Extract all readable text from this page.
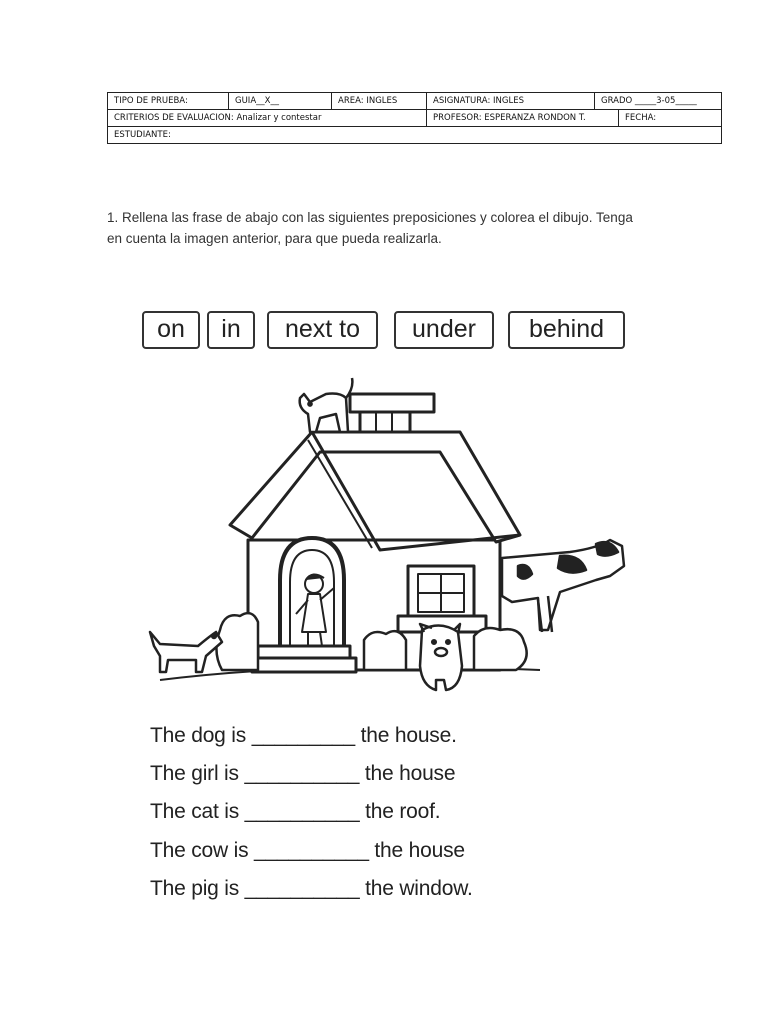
TIPO DE PRUEBA:	GUIA__X__	AREA: INGLES	ASIGNATURA: INGLES	GRADO _____3-05_____	
CRITERIOS DE EVALUACION: Analizar y contestar			PROFESOR: ESPERANZA RONDON T.		FECHA:
ESTUDIANTE:					
1. Rellena las frase de abajo con las siguientes preposiciones y colorea el dibujo. Tenga
en cuenta la imagen anterior, para que pueda realizarla.
on	in	next to	under	behind
The dog is _________ the house.
The girl is __________ the house
The cat is __________ the roof.
The cow is __________ the house
The pig is __________ the window.
